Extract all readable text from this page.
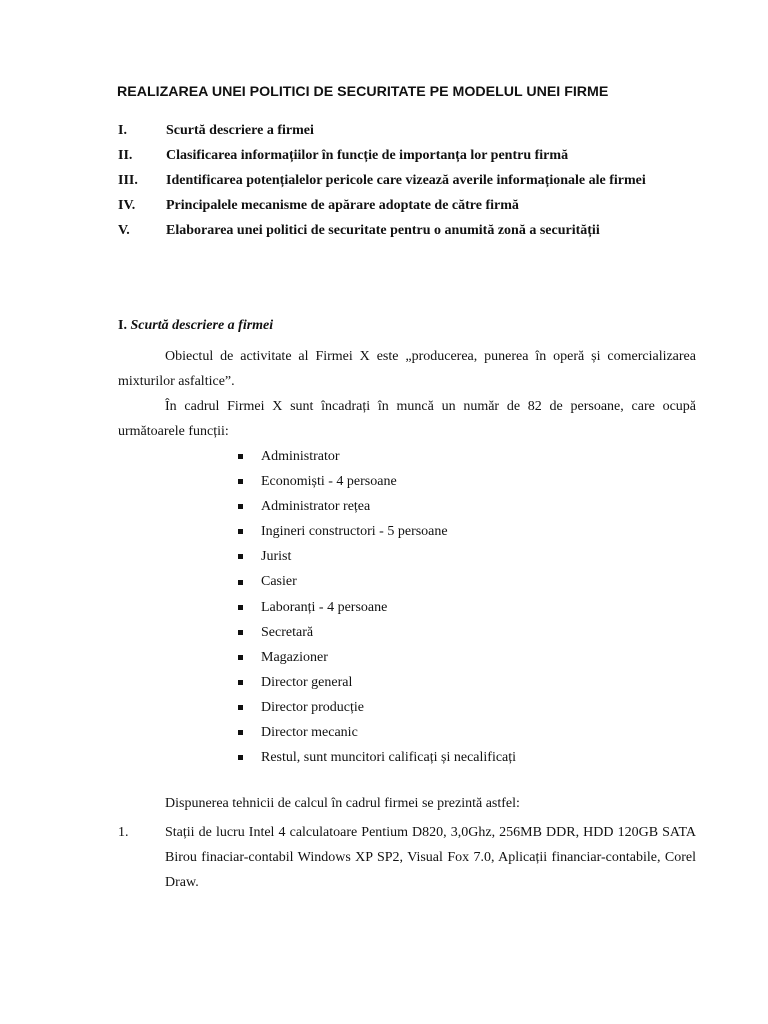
REALIZAREA UNEI POLITICI DE SECURITATE PE MODELUL UNEI FIRME
I.	Scurtă descriere a firmei
II.	Clasificarea informațiilor în funcție de importanța lor pentru firmă
III.	Identificarea potențialelor pericole care vizează averile informaționale ale firmei
IV.	Principalele mecanisme de apărare adoptate de către firmă
V.	Elaborarea unei politici de securitate pentru o anumită zonă a securității
I. Scurtă descriere a firmei
Obiectul de activitate al Firmei X este „producerea, punerea în operă și comercializarea mixturilor asfaltice”.
În cadrul Firmei X sunt încadrați în muncă un număr de 82 de persoane, care ocupă următoarele funcții:
Administrator
Economiști - 4 persoane
Administrator rețea
Ingineri constructori - 5 persoane
Jurist
Casier
Laboranți - 4 persoane
Secretară
Magazioner
Director general
Director producție
Director mecanic
Restul, sunt muncitori calificați și necalificați
Dispunerea tehnicii de calcul în cadrul firmei se prezintă astfel:
1.	Stații de lucru Intel 4 calculatoare Pentium D820, 3,0Ghz, 256MB DDR, HDD 120GB SATA Birou finaciar-contabil Windows XP SP2, Visual Fox 7.0, Aplicații financiar-contabile, Corel Draw.
